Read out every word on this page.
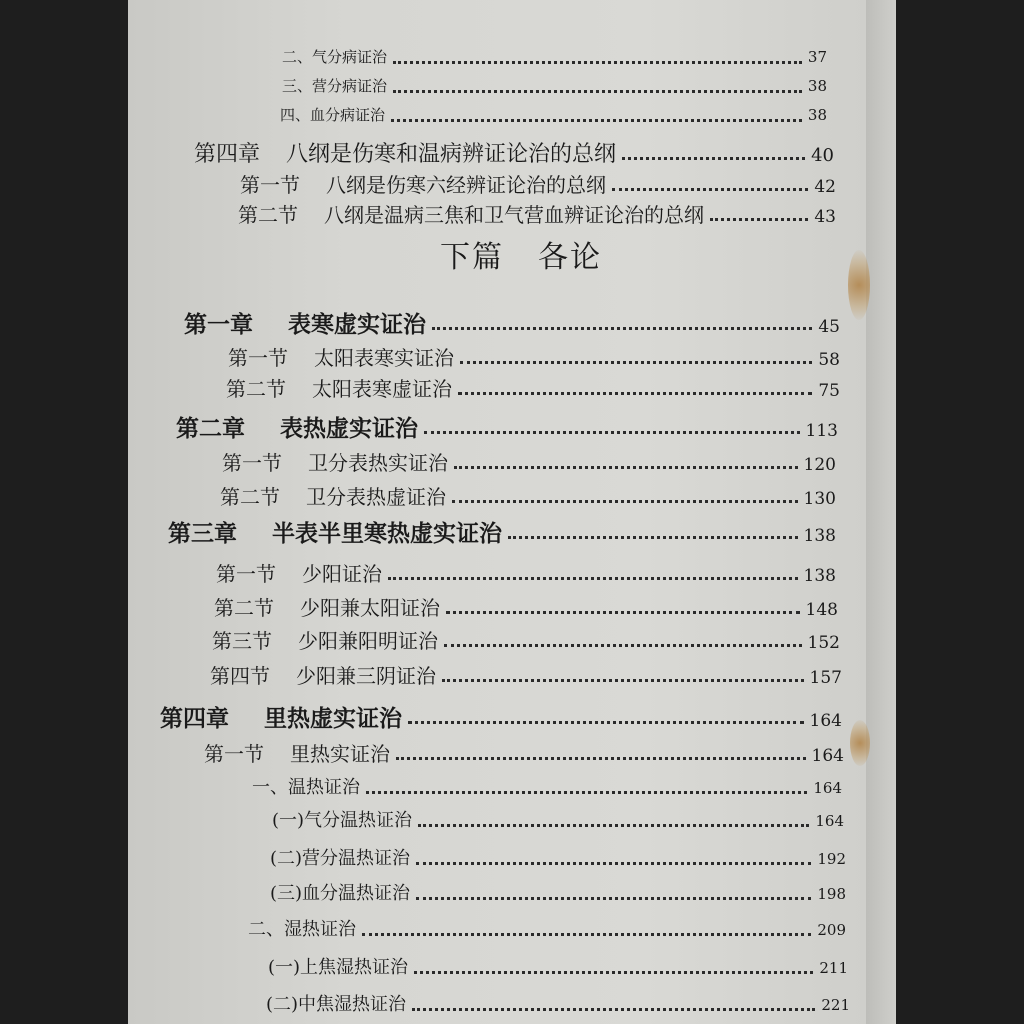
下篇 各论
二、 气分病证治	37
三、 营分病证治	38
四、 血分病证治	38
第四章	八纲是伤寒和温病辨证论治的总纲	40
第一节	八纲是伤寒六经辨证论治的总纲	42
第二节	八纲是温病三焦和卫气营血辨证论治的总纲	43
第一章	表寒虚实证治	45
第一节	太阳表寒实证治	58
第二节	太阳表寒虚证治	75
第二章	表热虚实证治	113
第一节	卫分表热实证治	120
第二节	卫分表热虚证治	130
第三章	半表半里寒热虚实证治	138
第一节	少阳证治	138
第二节	少阳兼太阳证治	148
第三节	少阳兼阳明证治	152
第四节	少阳兼三阴证治	157
第四章	里热虚实证治	164
第一节	里热实证治	164
一、 温热证治	164
(一) 气分温热证治	164
(二) 营分温热证治	192
(三) 血分温热证治	198
二、 湿热证治	209
(一) 上焦湿热证治	211
(二) 中焦湿热证治	221
